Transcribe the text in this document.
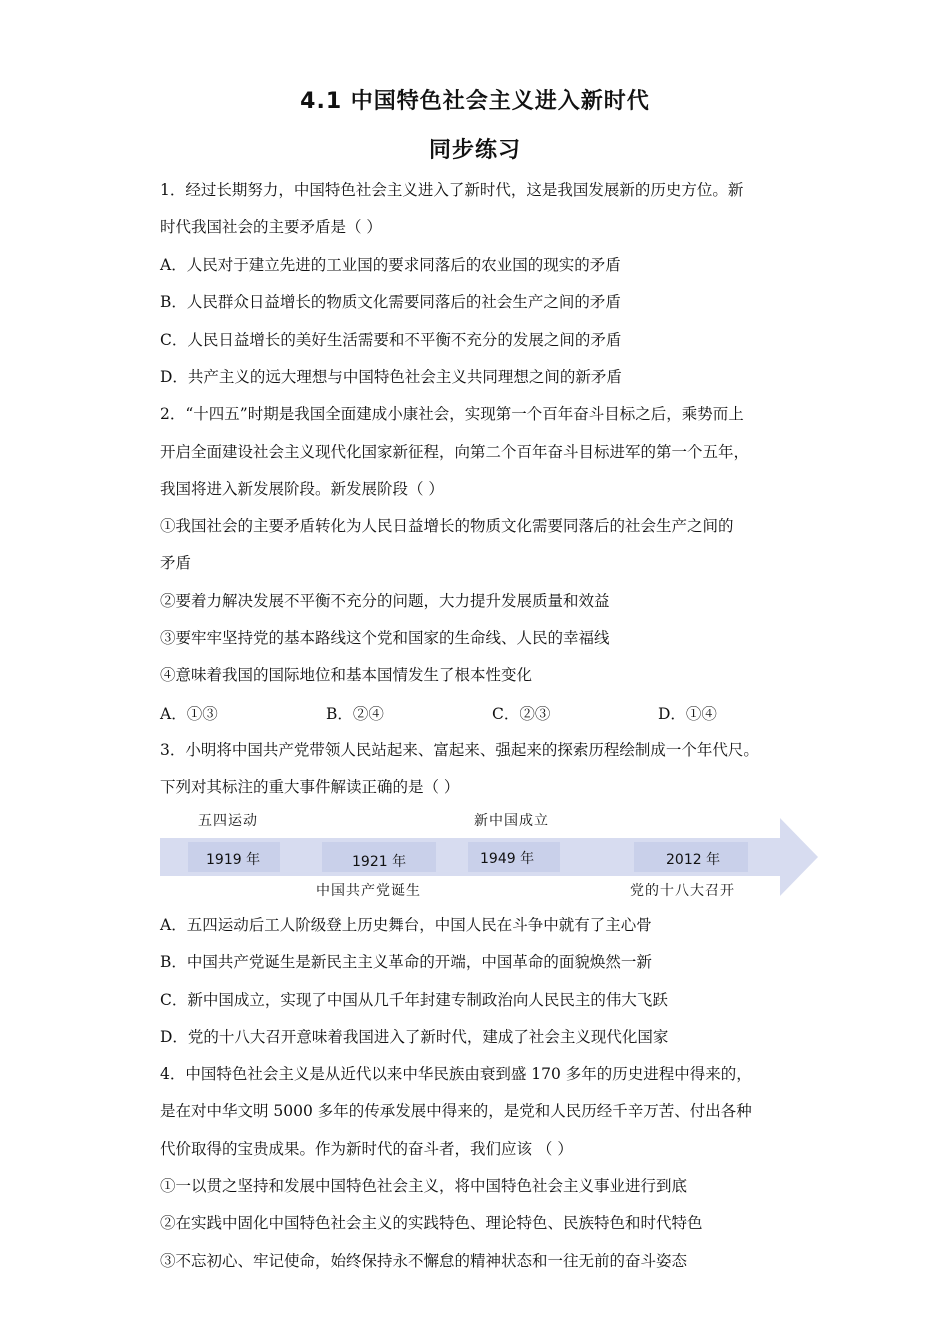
4.1 中国特色社会主义进入新时代
同步练习
1．经过长期努力，中国特色社会主义进入了新时代，这是我国发展新的历史方位。新
时代我国社会的主要矛盾是（ ）
A．人民对于建立先进的工业国的要求同落后的农业国的现实的矛盾
B．人民群众日益增长的物质文化需要同落后的社会生产之间的矛盾
C．人民日益增长的美好生活需要和不平衡不充分的发展之间的矛盾
D．共产主义的远大理想与中国特色社会主义共同理想之间的新矛盾
2．“十四五”时期是我国全面建成小康社会，实现第一个百年奋斗目标之后，乘势而上
开启全面建设社会主义现代化国家新征程，向第二个百年奋斗目标进军的第一个五年，
我国将进入新发展阶段。新发展阶段（ ）
①我国社会的主要矛盾转化为人民日益增长的物质文化需要同落后的社会生产之间的
矛盾
②要着力解决发展不平衡不充分的问题，大力提升发展质量和效益
③要牢牢坚持党的基本路线这个党和国家的生命线、人民的幸福线
④意味着我国的国际地位和基本国情发生了根本性变化
A．①③	B．②④	C．②③	D．①④
3．小明将中国共产党带领人民站起来、富起来、强起来的探索历程绘制成一个年代尺。
下列对其标注的重大事件解读正确的是（ ）
五四运动	新中国成立
1919 年	1921 年	1949 年	2012 年
中国共产党诞生	党的十八大召开
A．五四运动后工人阶级登上历史舞台，中国人民在斗争中就有了主心骨
B．中国共产党诞生是新民主主义革命的开端，中国革命的面貌焕然一新
C．新中国成立，实现了中国从几千年封建专制政治向人民民主的伟大飞跃
D．党的十八大召开意味着我国进入了新时代，建成了社会主义现代化国家
4．中国特色社会主义是从近代以来中华民族由衰到盛 170 多年的历史进程中得来的，
是在对中华文明 5000 多年的传承发展中得来的，是党和人民历经千辛万苦、付出各种
代价取得的宝贵成果。作为新时代的奋斗者，我们应该 （ ）
①一以贯之坚持和发展中国特色社会主义，将中国特色社会主义事业进行到底
②在实践中固化中国特色社会主义的实践特色、理论特色、民族特色和时代特色
③不忘初心、牢记使命，始终保持永不懈怠的精神状态和一往无前的奋斗姿态
